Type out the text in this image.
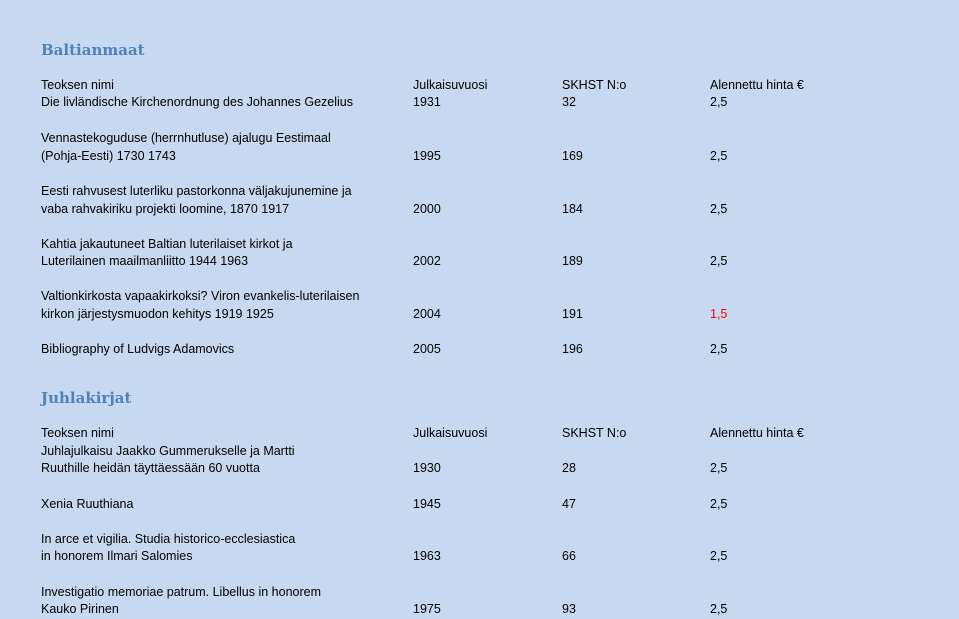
Baltianmaat
Teoksen nimi	Julkaisuvuosi	SKHST N:o	Alennettu hinta €
Die livländische Kirchenordnung des Johannes Gezelius	1931	32	2,5
Vennastekoguduse (herrnhutluse) ajalugu Eestimaal
(Pohja-Eesti) 1730 1743	1995	169	2,5
Eesti rahvusest luterliku pastorkonna väljakujunemine ja
vaba rahvakiriku projekti loomine, 1870 1917	2000	184	2,5
Kahtia jakautuneet Baltian luterilaiset kirkot ja
Luterilainen maailmanliitto 1944 1963	2002	189	2,5
Valtionkirkosta vapaakirkoksi? Viron evankelis-luterilaisen
kirkon järjestysmuodon kehitys 1919 1925	2004	191	1,5
Bibliography of Ludvigs Adamovics	2005	196	2,5
Juhlakirjat
Teoksen nimi	Julkaisuvuosi	SKHST N:o	Alennettu hinta €
Juhlajulkaisu Jaakko Gummerukselle ja Martti
Ruuthille heidän täyttäessään 60 vuotta	1930	28	2,5
Xenia Ruuthiana	1945	47	2,5
In arce et vigilia. Studia historico-ecclesiastica
in honorem Ilmari Salomies	1963	66	2,5
Investigatio memoriae patrum. Libellus in honorem
Kauko Pirinen	1975	93	2,5
